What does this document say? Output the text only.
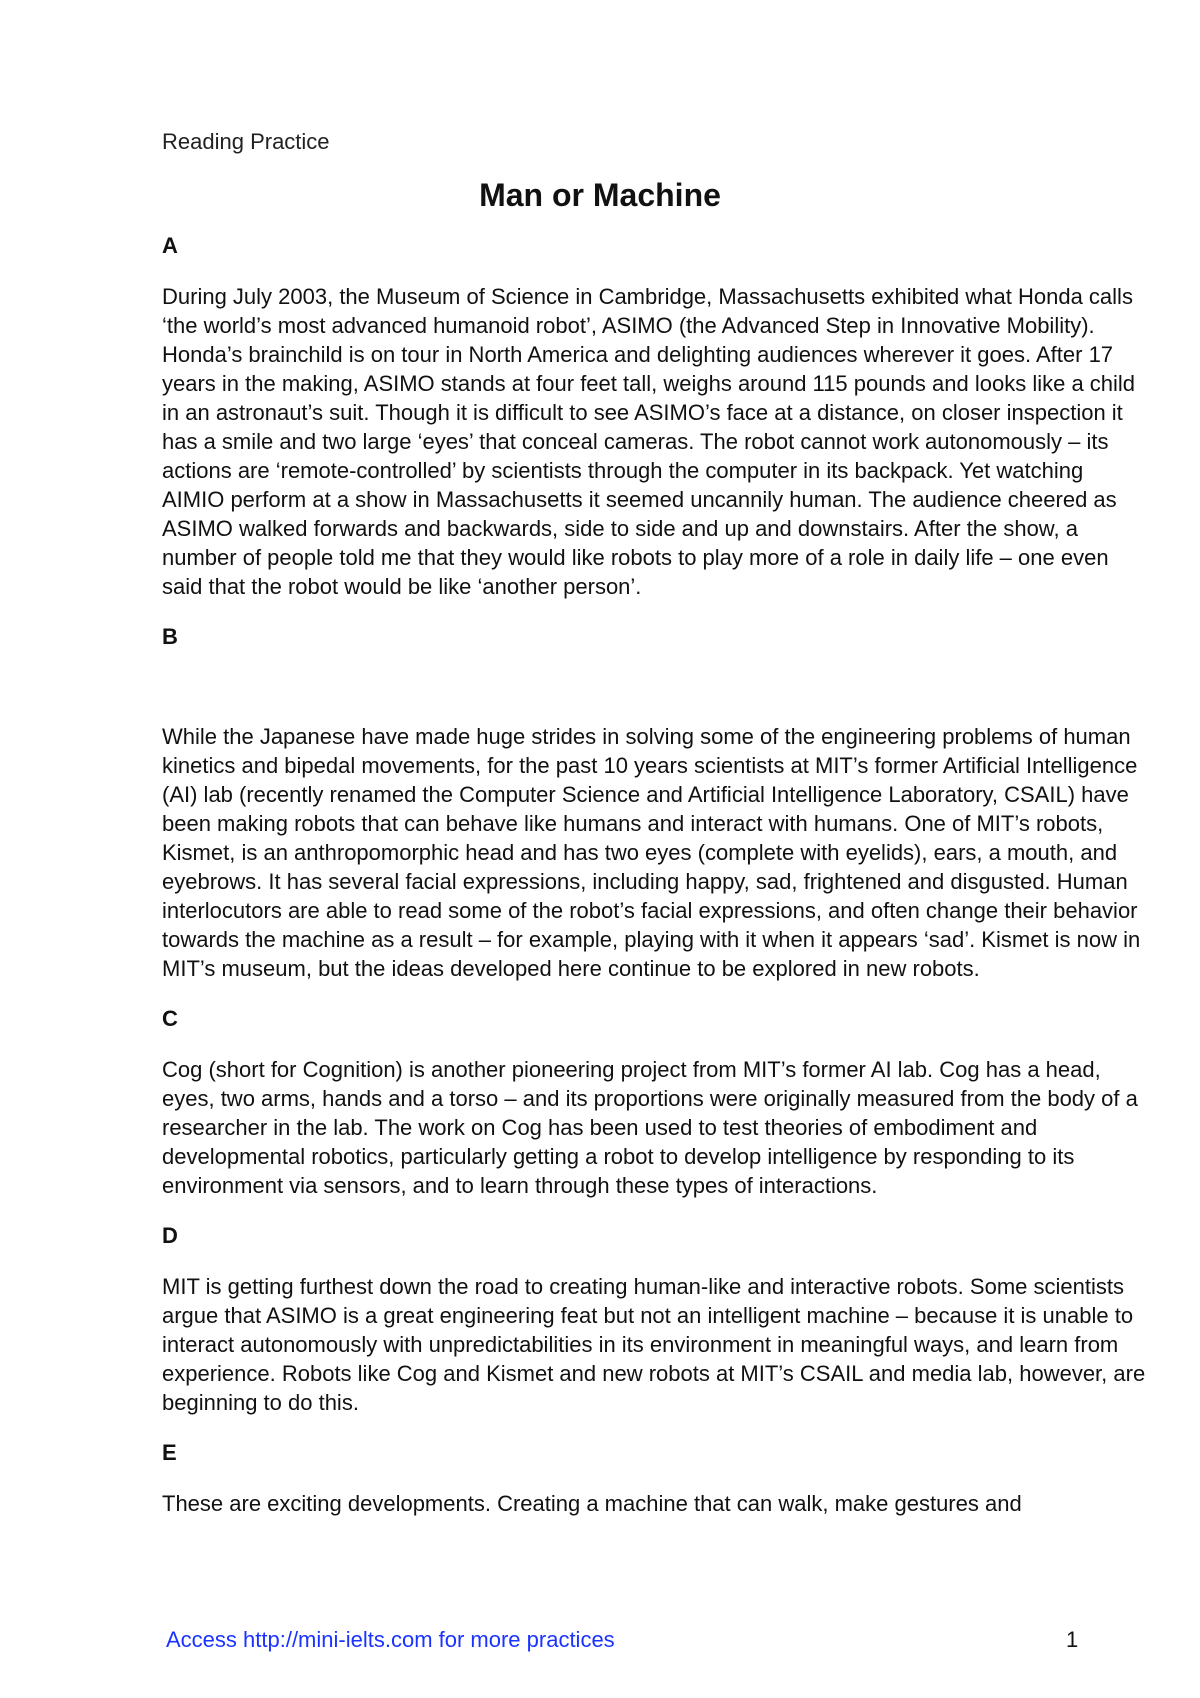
Reading Practice
Man or Machine

A

During July 2003, the Museum of Science in Cambridge, Massachusetts exhibited what Honda calls ‘the world’s most advanced humanoid robot’, ASIMO (the Advanced Step in Innovative Mobility). Honda’s brainchild is on tour in North America and delighting audiences wherever it goes. After 17 years in the making, ASIMO stands at four feet tall, weighs around 115 pounds and looks like a child in an astronaut’s suit. Though it is difficult to see ASIMO’s face at a distance, on closer inspection it has a smile and two large ‘eyes’ that conceal cameras. The robot cannot work autonomously – its actions are ‘remote-controlled’ by scientists through the computer in its backpack. Yet watching AIMIO perform at a show in Massachusetts it seemed uncannily human. The audience cheered as ASIMO walked forwards and backwards, side to side and up and downstairs. After the show, a number of people told me that they would like robots to play more of a role in daily life – one even said that the robot would be like ‘another person’.

B

While the Japanese have made huge strides in solving some of the engineering problems of human kinetics and bipedal movements, for the past 10 years scientists at MIT’s former Artificial Intelligence (AI) lab (recently renamed the Computer Science and Artificial Intelligence Laboratory, CSAIL) have been making robots that can behave like humans and interact with humans. One of MIT’s robots, Kismet, is an anthropomorphic head and has two eyes (complete with eyelids), ears, a mouth, and eyebrows. It has several facial expressions, including happy, sad, frightened and disgusted. Human interlocutors are able to read some of the robot’s facial expressions, and often change their behavior towards the machine as a result – for example, playing with it when it appears ‘sad’. Kismet is now in MIT’s museum, but the ideas developed here continue to be explored in new robots.

C

Cog (short for Cognition) is another pioneering project from MIT’s former AI lab. Cog has a head, eyes, two arms, hands and a torso – and its proportions were originally measured from the body of a researcher in the lab. The work on Cog has been used to test theories of embodiment and developmental robotics, particularly getting a robot to develop intelligence by responding to its environment via sensors, and to learn through these types of interactions.

D

MIT is getting furthest down the road to creating human-like and interactive robots. Some scientists argue that ASIMO is a great engineering feat but not an intelligent machine – because it is unable to interact autonomously with unpredictabilities in its environment in meaningful ways, and learn from experience. Robots like Cog and Kismet and new robots at MIT’s CSAIL and media lab, however, are beginning to do this.

E

These are exciting developments. Creating a machine that can walk, make gestures and

Access http://mini-ielts.com for more practices	1
